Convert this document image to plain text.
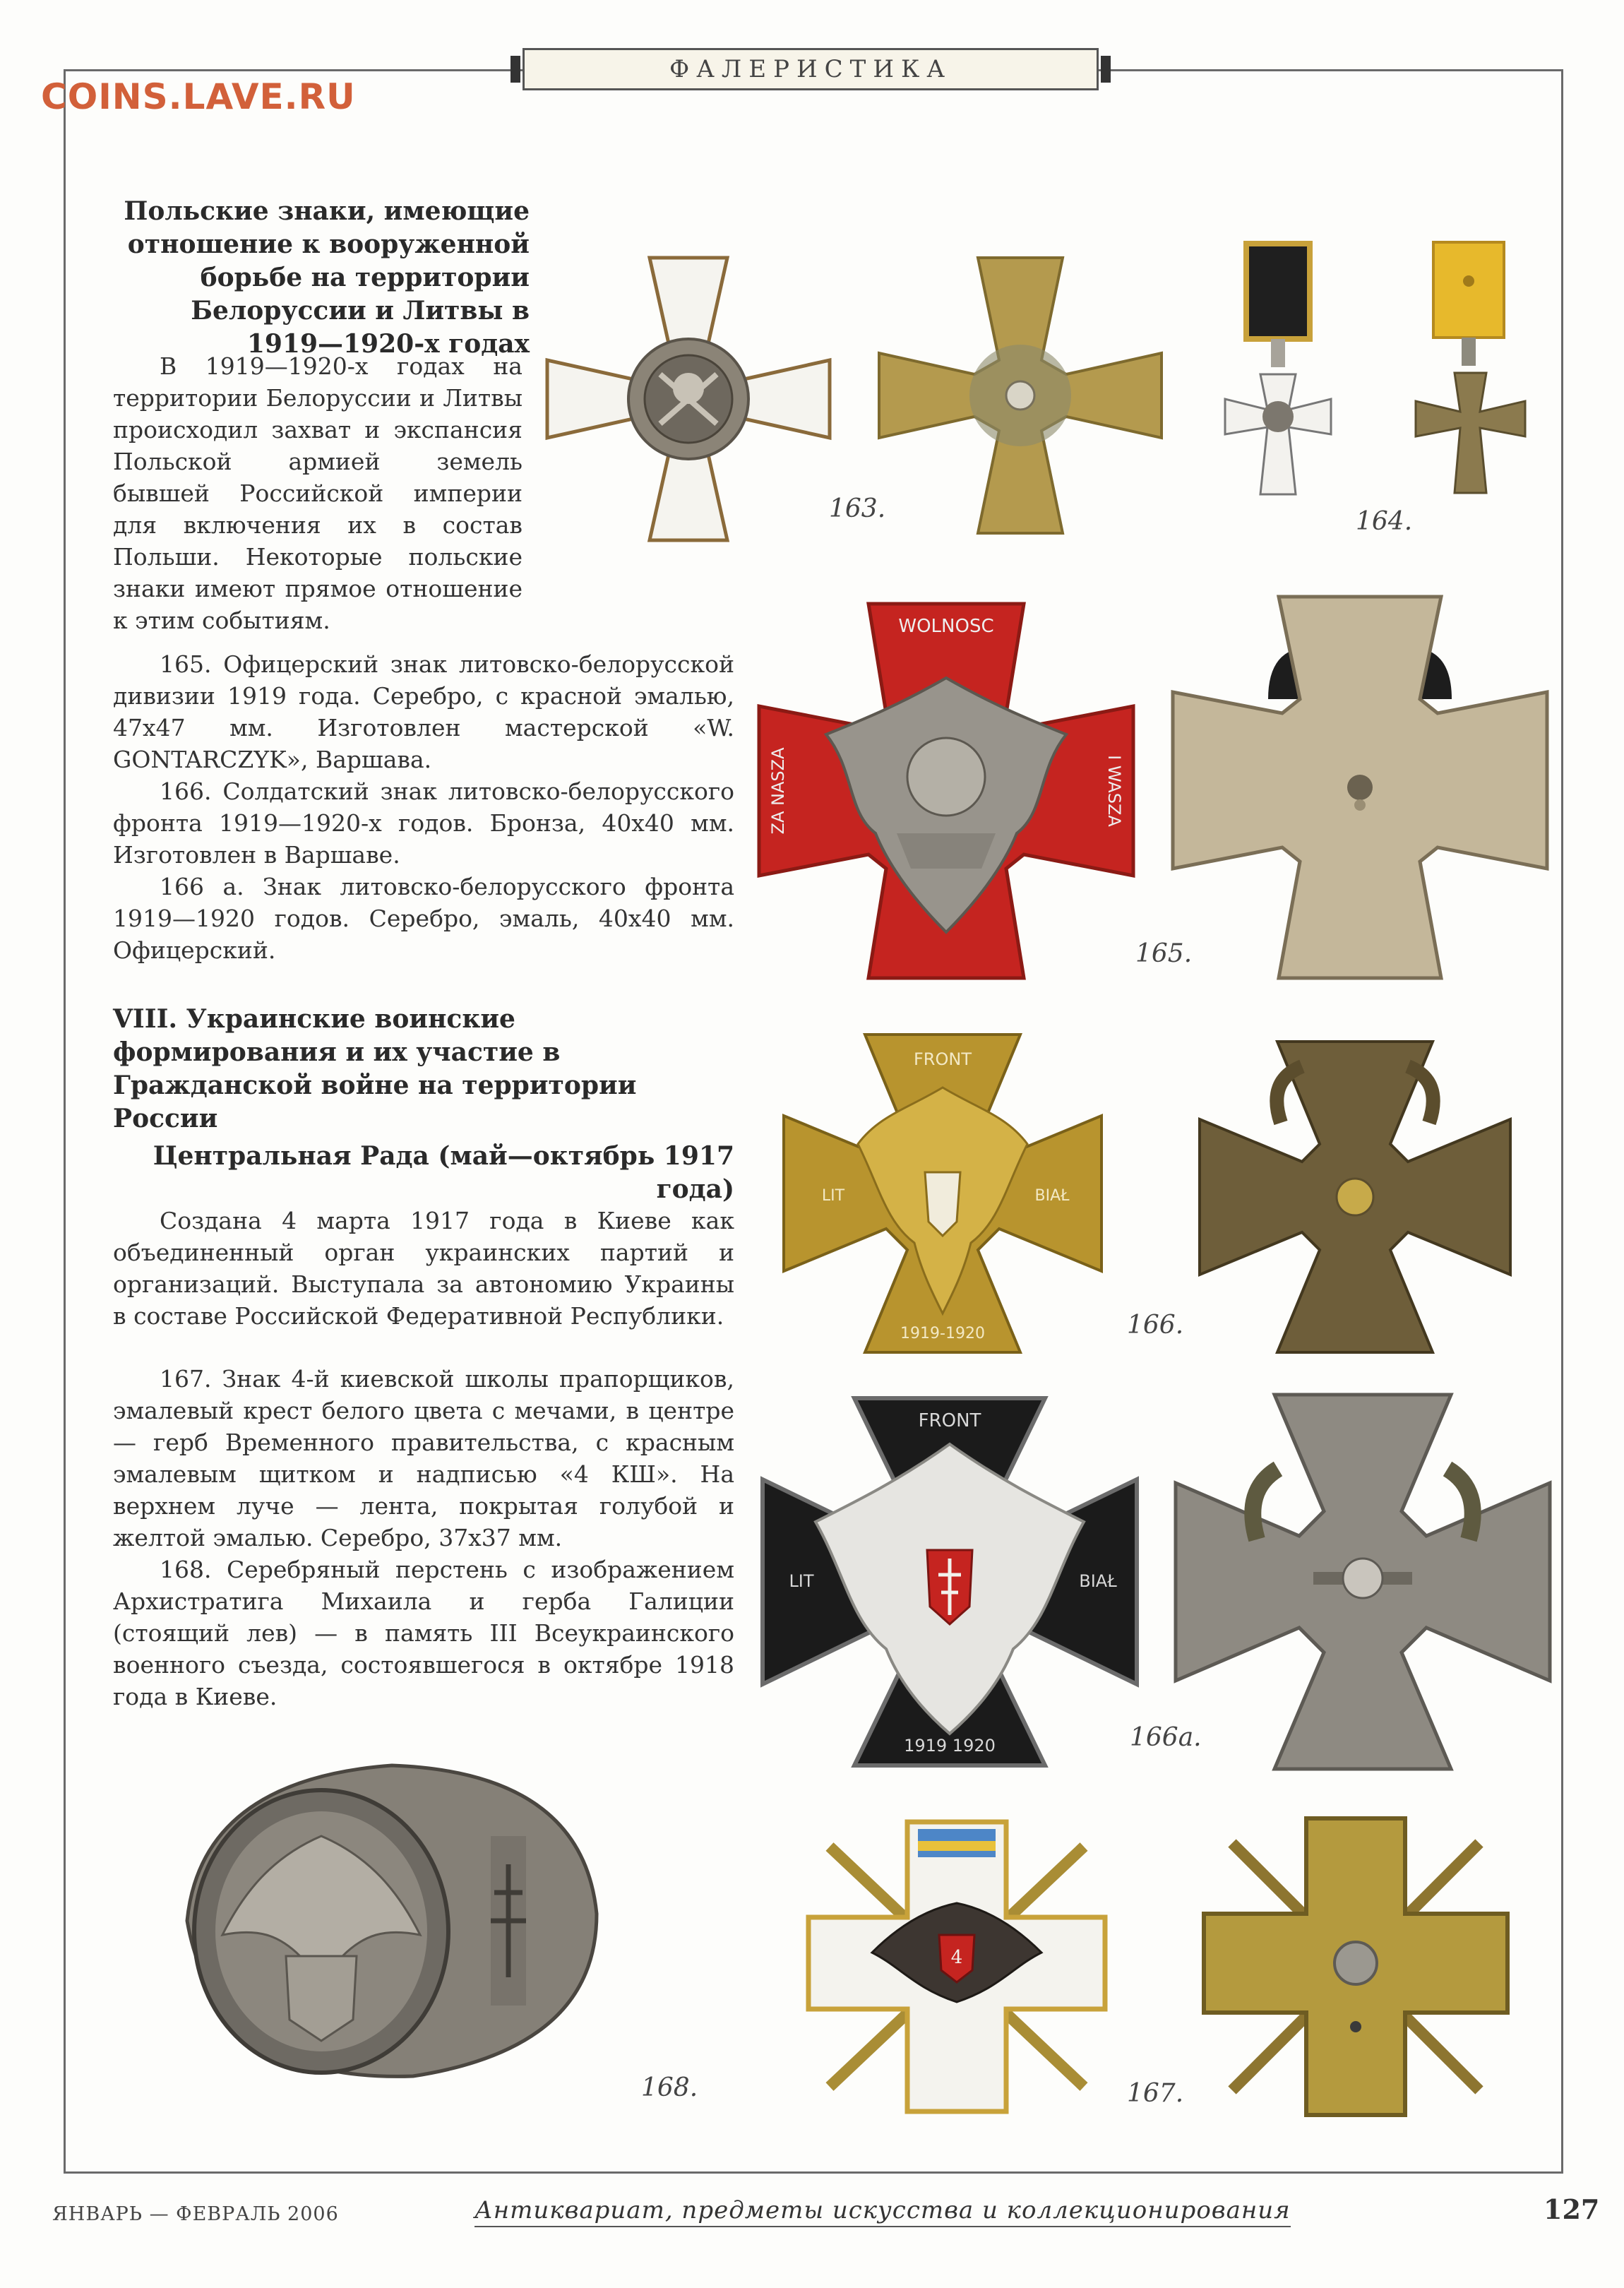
ФАЛЕРИСТИКА
COINS.LAVE.RU
Польские знаки, имеющие отношение к вооруженной борьбе на территории Белоруссии и Литвы в 1919—1920-х годах

В 1919—1920-х годах на территории Белоруссии и Литвы происходил захват и экспансия Польской армией земель бывшей Российской империи для включения их в состав Польши. Некоторые польские знаки имеют прямое отношение к этим событиям.

165. Офицерский знак литовско-белорусской дивизии 1919 года. Серебро, с красной эмалью, 47х47 мм. Изготовлен мастерской «W. GONTARCZYK», Варшава.

166. Солдатский знак литовско-белорусского фронта 1919—1920-х годов. Бронза, 40х40 мм. Изготовлен в Варшаве.

166 а. Знак литовско-белорусского фронта 1919—1920 годов. Серебро, эмаль, 40х40 мм. Офицерский.

VIII. Украинские воинские формирования и их участие в Гражданской войне на территории России
Центральная Рада (май—октябрь 1917 года)

Создана 4 марта 1917 года в Киеве как объединенный орган украинских партий и организаций. Выступала за автономию Украины в составе Российской Федеративной Республики.

167. Знак 4-й киевской школы прапорщиков, эмалевый крест белого цвета с мечами, в центре — герб Временного правительства, с красным эмалевым щитком и надписью «4 КШ». На верхнем луче — лента, покрытая голубой и желтой эмалью. Серебро, 37х37 мм.

168. Серебряный перстень с изображением Архистратига Михаила и герба Галиции (стоящий лев) — в память III Всеукраинского военного съезда, состоявшегося в октябре 1918 года в Киеве.

163.	164.
WOLNOSC
ZA NASZA	I WASZA
165.
FRONT
LIT	BIAŁ
1919-1920	166.
FRONT
LIT	BIAŁ
1919 1920	166а.
4
167.
168.
ЯНВАРЬ — ФЕВРАЛЬ 2006	Антиквариат, предметы искусства и коллекционирования	127
